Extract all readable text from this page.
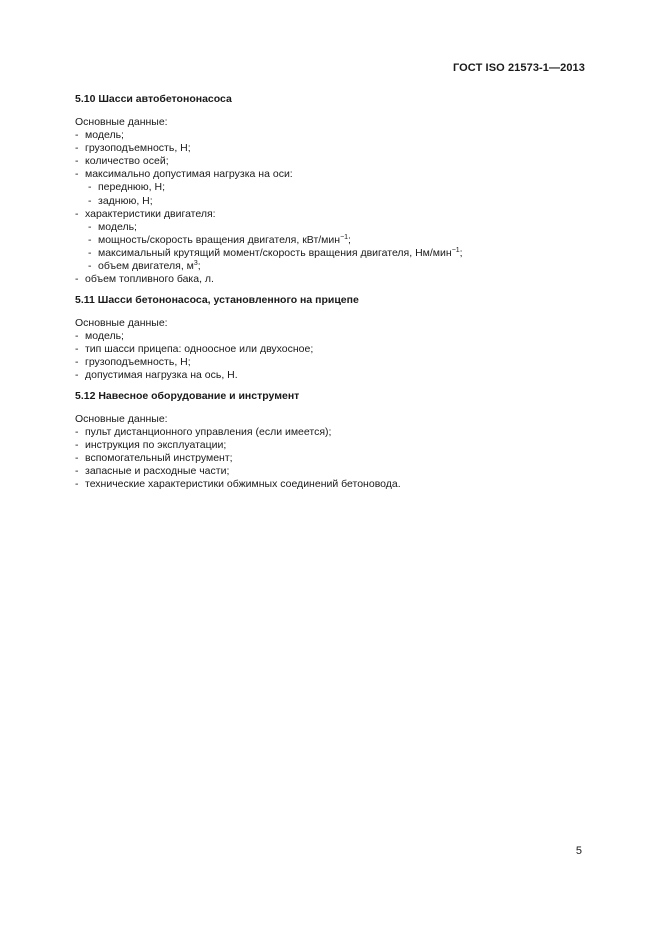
ГОСТ ISO 21573-1—2013
5.10 Шасси автобетононасоса
Основные данные:
- модель;
- грузоподъемность, Н;
- количество осей;
- максимально допустимая нагрузка на оси:
- переднюю, Н;
- заднюю, Н;
- характеристики двигателя:
- модель;
- мощность/скорость вращения двигателя, кВт/мин$^{-1}$;
- максимальный крутящий момент/скорость вращения двигателя, Нм/мин$^{-1}$;
- объем двигателя, $м^3$;
- объем топливного бака, л.
5.11 Шасси бетононасоса, установленного на прицепе
Основные данные:
- модель;
- тип шасси прицепа: одноосное или двухосное;
- грузоподъемность, Н;
- допустимая нагрузка на ось, Н.
5.12 Навесное оборудование и инструмент
Основные данные:
- пульт дистанционного управления (если имеется);
- инструкция по эксплуатации;
- вспомогательный инструмент;
- запасные и расходные части;
- технические характеристики обжимных соединений бетоновода.
5
